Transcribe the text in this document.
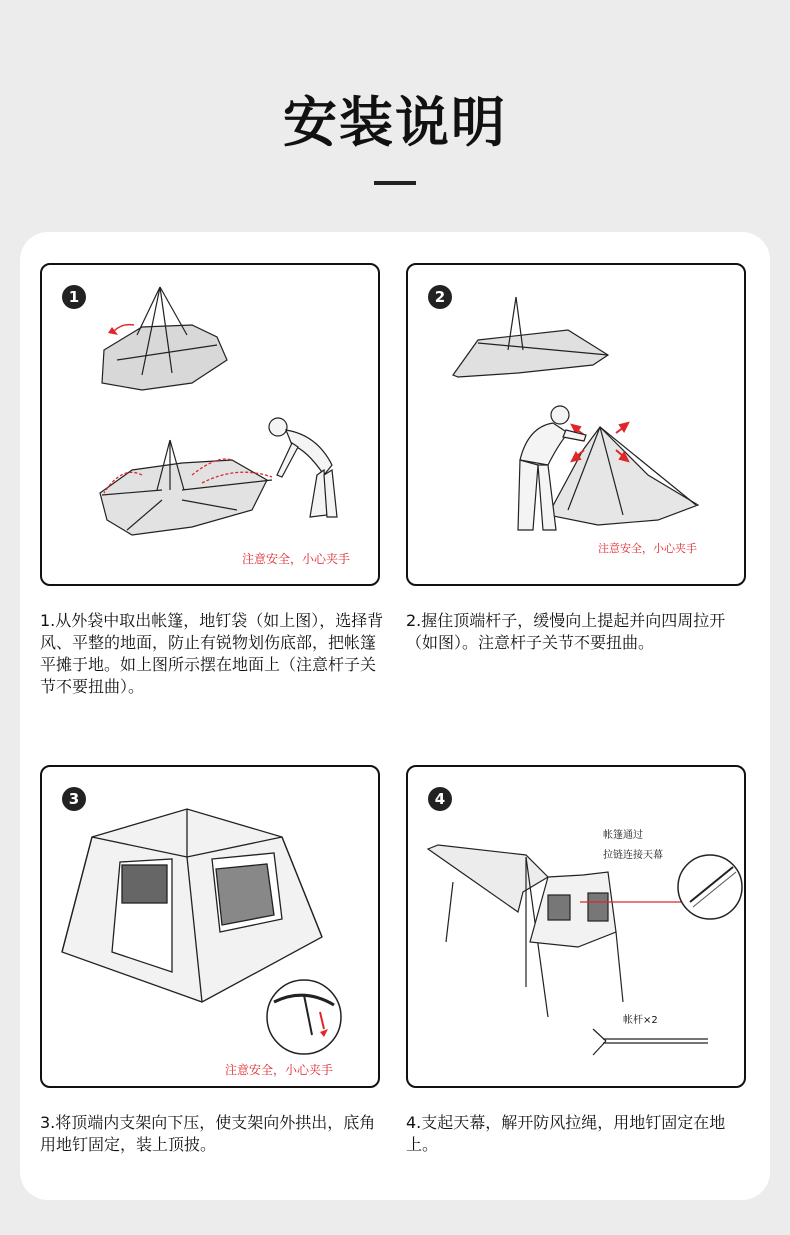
安装说明
1
注意安全，小心夹手
2
注意安全，小心夹手
1.从外袋中取出帐篷，地钉袋（如上图），选择背风、平整的地面，防止有锐物划伤底部，把帐篷平摊于地。如上图所示摆在地面上（注意杆子关节不要扭曲）。
2.握住顶端杆子，缓慢向上提起并向四周拉开（如图）。注意杆子关节不要扭曲。
3
注意安全，小心夹手
4
帐篷通过
拉链连接天幕
帐杆×2
3.将顶端内支架向下压，使支架向外拱出，底角用地钉固定，装上顶披。
4.支起天幕，解开防风拉绳，用地钉固定在地上。
